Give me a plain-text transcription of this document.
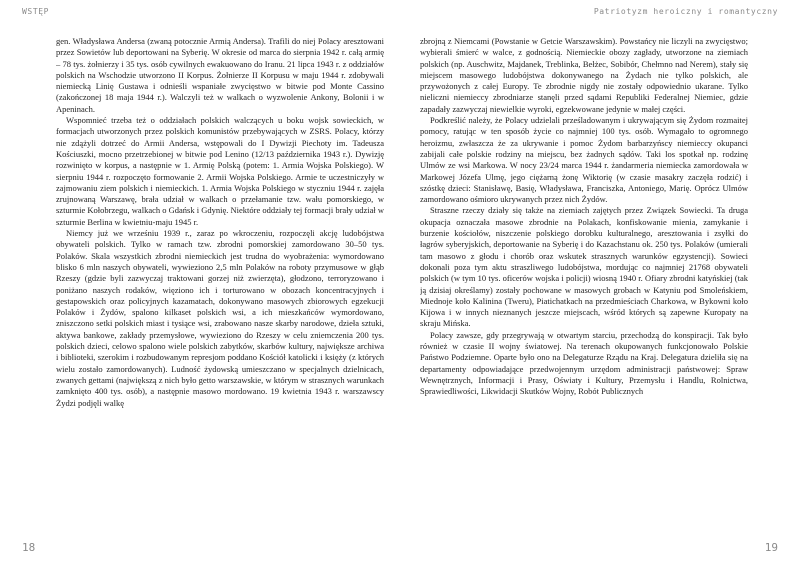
WSTĘP	Patriotyzm heroiczny i romantyczny

gen. Władysława Andersa (zwaną potocznie Armią Andersa). Trafili do niej Polacy aresztowani przez Sowietów lub deportowani na Syberię. W okresie od marca do sierpnia 1942 r. całą armię – 78 tys. żołnierzy i 35 tys. osób cywilnych ewakuowano do Iranu. 21 lipca 1943 r. z oddziałów polskich na Wschodzie utworzono II Korpus. Żołnierze II Korpusu w maju 1944 r. zdobywali niemiecką Linię Gustawa i odnieśli wspaniałe zwycięstwo w bitwie pod Monte Cassino (zakończonej 18 maja 1944 r.). Walczyli też w walkach o wyzwolenie Ankony, Bolonii i w Apeninach.

Wspomnieć trzeba też o oddziałach polskich walczących u boku wojsk sowieckich, w formacjach utworzonych przez polskich komunistów przebywających w ZSRS. Polacy, którzy nie zdążyli dotrzeć do Armii Andersa, wstępowali do I Dywizji Piechoty im. Tadeusza Kościuszki, mocno przetrzebionej w bitwie pod Lenino (12/13 października 1943 r.). Dywizję rozwinięto w korpus, a następnie w 1. Armię Polską (potem: 1. Armia Wojska Polskiego). W sierpniu 1944 r. rozpoczęto formowanie 2. Armii Wojska Polskiego. Armie te uczestniczyły w zajmowaniu ziem polskich i niemieckich. 1. Armia Wojska Polskiego w styczniu 1944 r. zajęła zrujnowaną Warszawę, brała udział w walkach o przełamanie tzw. wału pomorskiego, w szturmie Kołobrzegu, walkach o Gdańsk i Gdynię. Niektóre oddziały tej formacji brały udział w szturmie Berlina w kwietniu-maju 1945 r.

Niemcy już we wrześniu 1939 r., zaraz po wkroczeniu, rozpoczęli akcję ludobójstwa obywateli polskich. Tylko w ramach tzw. zbrodni pomorskiej zamordowano 30–50 tys. Polaków. Skala wszystkich zbrodni niemieckich jest trudna do wyobrażenia: wymordowano blisko 6 mln naszych obywateli, wywieziono 2,5 mln Polaków na roboty przymusowe w głąb Rzeszy (gdzie byli zazwyczaj traktowani gorzej niż zwierzęta), głodzono, terroryzowano i poniżano naszych rodaków, więziono ich i torturowano w obozach koncentracyjnych i gestapowskich oraz policyjnych kazamatach, dokonywano masowych zbiorowych egzekucji Polaków i Żydów, spalono kilkaset polskich wsi, a ich mieszkańców wymordowano, zniszczono setki polskich miast i tysiące wsi, zrabowano nasze skarby narodowe, dzieła sztuki, aktywa bankowe, zakłady przemysłowe, wywieziono do Rzeszy w celu zniemczenia 200 tys. polskich dzieci, celowo spalono wiele polskich zabytków, skarbów kultury, największe archiwa i biblioteki, szerokim i rozbudowanym represjom poddano Kościół katolicki i księży (z których wielu zostało zamordowanych). Ludność żydowską umieszczano w specjalnych dzielnicach, zwanych gettami (największą z nich było getto warszawskie, w którym w strasznych warunkach zamknięto 400 tys. osób), a następnie masowo mordowano. 19 kwietnia 1943 r. warszawscy Żydzi podjęli walkę

zbrojną z Niemcami (Powstanie w Getcie Warszawskim). Powstańcy nie liczyli na zwycięstwo; wybierali śmierć w walce, z godnością. Niemieckie obozy zagłady, utworzone na ziemiach polskich (np. Auschwitz, Majdanek, Treblinka, Bełżec, Sobibór, Chełmno nad Nerem), stały się miejscem masowego ludobójstwa dokonywanego na Żydach nie tylko polskich, ale przywożonych z całej Europy. Te zbrodnie nigdy nie zostały odpowiednio ukarane. Tylko nieliczni niemieccy zbrodniarze stanęli przed sądami Republiki Federalnej Niemiec, gdzie zapadały zazwyczaj niewielkie wyroki, egzekwowane jedynie w małej części.

Podkreślić należy, że Polacy udzielali prześladowanym i ukrywającym się Żydom rozmaitej pomocy, ratując w ten sposób życie co najmniej 100 tys. osób. Wymagało to ogromnego heroizmu, zwłaszcza że za ukrywanie i pomoc Żydom barbarzyńscy niemieccy okupanci zabijali całe polskie rodziny na miejscu, bez żadnych sądów. Taki los spotkał np. rodzinę Ulmów ze wsi Markowa. W nocy 23/24 marca 1944 r. żandarmeria niemiecka zamordowała w Markowej Józefa Ulmę, jego ciężarną żonę Wiktorię (w czasie masakry zaczęła rodzić) i szóstkę dzieci: Stanisławę, Basię, Władysława, Franciszka, Antoniego, Marię. Oprócz Ulmów zamordowano ośmioro ukrywanych przez nich Żydów.

Straszne rzeczy działy się także na ziemiach zajętych przez Związek Sowiecki. Ta druga okupacja oznaczała masowe zbrodnie na Polakach, konfiskowanie mienia, zamykanie i burzenie kościołów, niszczenie polskiego dorobku kulturalnego, aresztowania i zsyłki do łagrów syberyjskich, deportowanie na Syberię i do Kazachstanu ok. 250 tys. Polaków (umierali tam masowo z głodu i chorób oraz wskutek strasznych warunków egzystencji). Sowieci dokonali poza tym aktu straszliwego ludobójstwa, mordując co najmniej 21768 obywateli polskich (w tym 10 tys. oficerów wojska i policji) wiosną 1940 r. Ofiary zbrodni katyńskiej (tak ją dzisiaj określamy) zostały pochowane w masowych grobach w Katyniu pod Smoleńskiem, Miednoje koło Kalinina (Tweru), Piatichatkach na przedmieściach Charkowa, w Bykowni koło Kijowa i w innych nieznanych jeszcze miejscach, wśród których są zapewne Kuropaty na skraju Mińska.

Polacy zawsze, gdy przegrywają w otwartym starciu, przechodzą do konspiracji. Tak było również w czasie II wojny światowej. Na terenach okupowanych funkcjonowało Polskie Państwo Podziemne. Oparte było ono na Delegaturze Rządu na Kraj. Delegatura dzieliła się na departamenty odpowiadające przedwojennym urzędom administracji państwowej: Spraw Wewnętrznych, Informacji i Prasy, Oświaty i Kultury, Przemysłu i Handlu, Rolnictwa, Sprawiedliwości, Likwidacji Skutków Wojny, Robót Publicznych

18	19
